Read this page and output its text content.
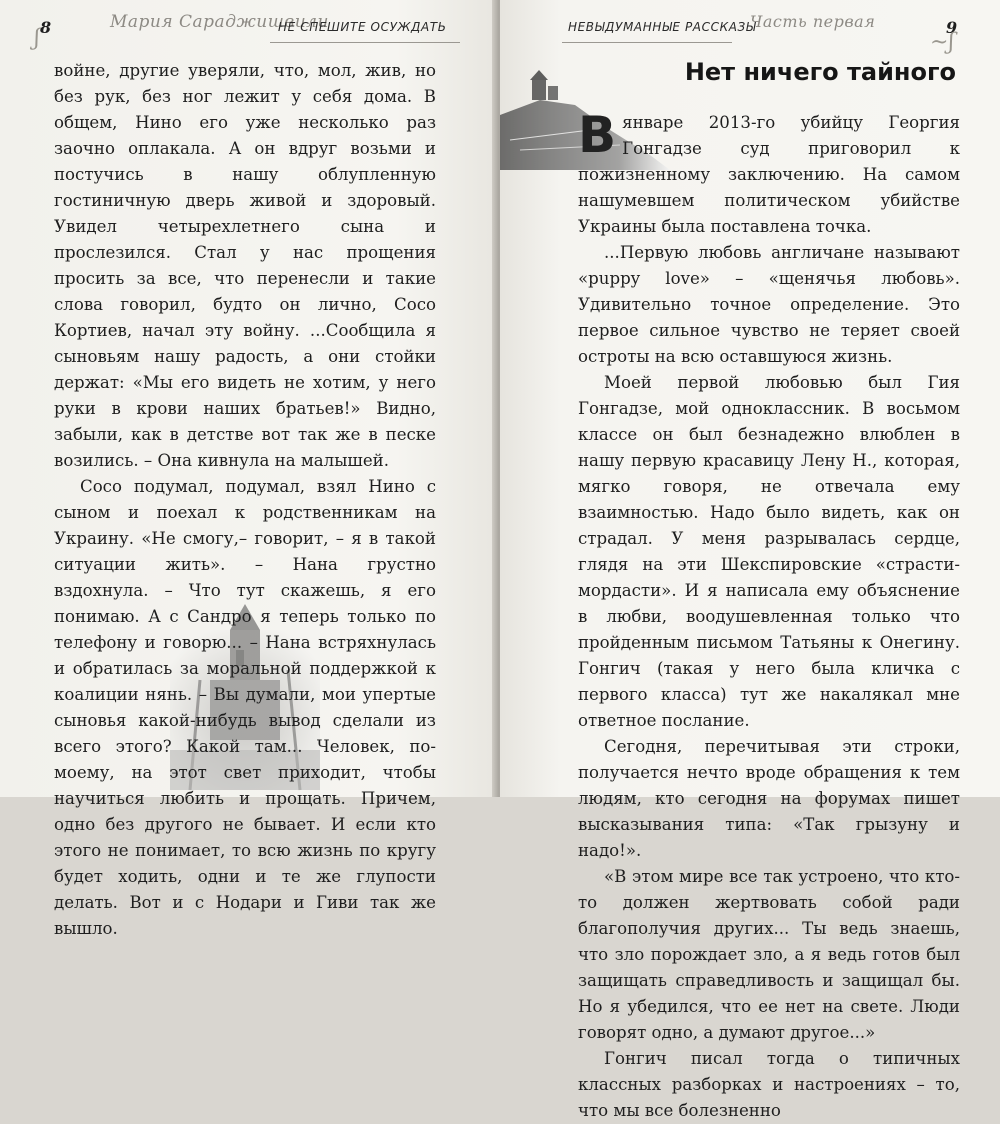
ʃ 8	Мария Сараджишвили
НЕ СПЕШИТЕ ОСУЖДАТЬ

войне, другие уверяли, что, мол, жив, но без рук, без ног лежит у себя дома. В общем, Нино его уже несколько раз заочно оплакала. А он вдруг возьми и постучись в нашу облупленную гостиничную дверь живой и здоровый. Увидел четырехлетнего сына и прослезился. Стал у нас прощения просить за все, что перенесли и такие слова говорил, будто он лично, Сосо Кортиев, начал эту войну. ...Сообщила я сыновьям нашу радость, а они стойки держат: «Мы его видеть не хотим, у него руки в крови наших братьев!» Видно, забыли, как в детстве вот так же в песке возились. – Она кивнула на малышей.

Сосо подумал, подумал, взял Нино с сыном и поехал к родственникам на Украину. «Не смогу,– говорит, – я в такой ситуации жить». – Нана грустно вздохнула. – Что тут скажешь, я его понимаю. А с Сандро я теперь только по телефону и говорю... – Нана встряхнулась и обратилась за моральной поддержкой к коалиции нянь. – Вы думали, мои упертые сыновья какой-нибудь вывод сделали из всего этого? Какой там... Человек, по-моему, на этот свет приходит, чтобы научиться любить и прощать. Причем, одно без другого не бывает. И если кто этого не понимает, то всю жизнь по кругу будет ходить, одни и те же глупости делать. Вот и с Нодари и Гиви так же вышло.

НЕВЫДУМАННЫЕ РАССКАЗЫ
Часть первая	9
~ʃ
Нет ничего тайного

Вянваре 2013-го убийцу Георгия Гонгадзе суд приговорил к пожизненному заключению. На самом нашумевшем политическом убийстве Украины была поставлена точка.

...Первую любовь англичане называют «puppy love» – «щенячья любовь». Удивительно точное определение. Это первое сильное чувство не теряет своей остроты на всю оставшуюся жизнь.

Моей первой любовью был Гия Гонгадзе, мой одноклассник. В восьмом классе он был безнадежно влюблен в нашу первую красавицу Лену Н., которая, мягко говоря, не отвечала ему взаимностью. Надо было видеть, как он страдал. У меня разрывалась сердце, глядя на эти Шекспировские «страсти-мордасти». И я написала ему объяснение в любви, воодушевленная только что пройденным письмом Татьяны к Онегину. Гонгич (такая у него была кличка с первого класса) тут же накалякал мне ответное послание.

Сегодня, перечитывая эти строки, получается нечто вроде обращения к тем людям, кто сегодня на форумах пишет высказывания типа: «Так грызуну и надо!».

«В этом мире все так устроено, что кто-то должен жертвовать собой ради благополучия других... Ты ведь знаешь, что зло порождает зло, а я ведь готов был защищать справедливость и защищал бы. Но я убедился, что ее нет на свете. Люди говорят одно, а думают другое...»

Гонгич писал тогда о типичных классных разборках и настроениях – то, что мы все болезненно
